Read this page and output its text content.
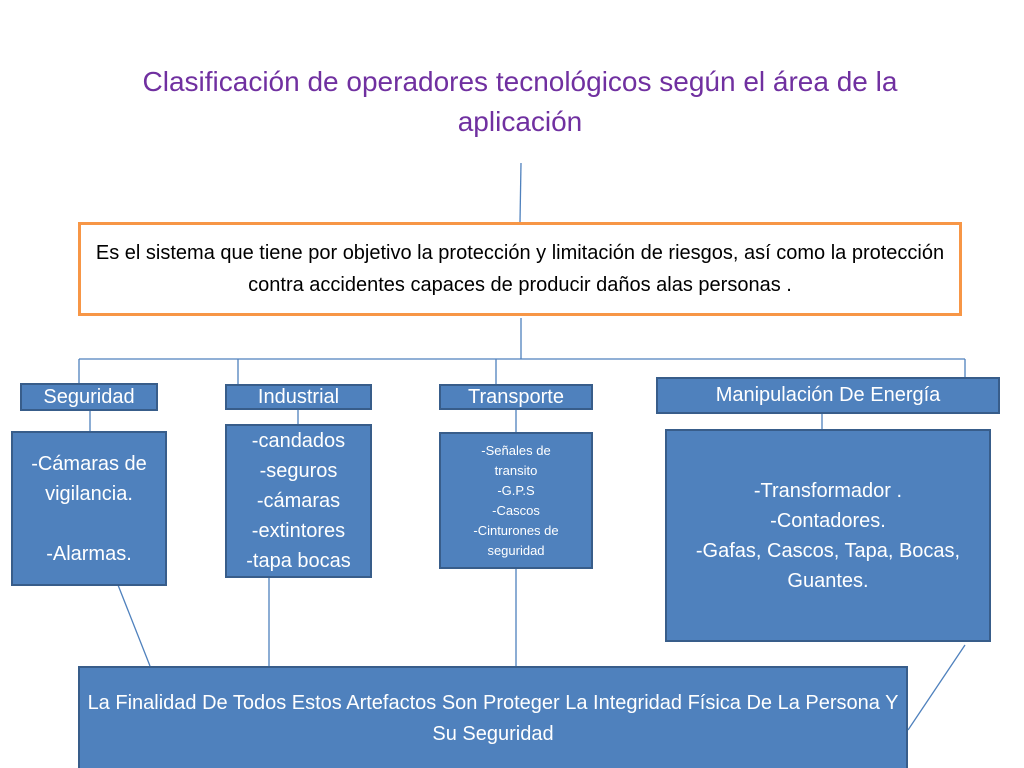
Clasificación de operadores tecnológicos según el área de la aplicación
Es el sistema que tiene por objetivo la protección y limitación de riesgos, así como la protección contra accidentes capaces de producir daños alas personas .
Seguridad	Industrial	Transporte	Manipulación De Energía
-Cámaras de
vigilancia.

-Alarmas.
-candados
-seguros
-cámaras
-extintores
-tapa bocas
-Señales de
transito
-G.P.S
-Cascos
-Cinturones de
seguridad
-Transformador .
-Contadores.
-Gafas, Cascos, Tapa, Bocas,
Guantes.
La Finalidad De Todos Estos Artefactos Son Proteger La Integridad Física De La Persona Y Su Seguridad
